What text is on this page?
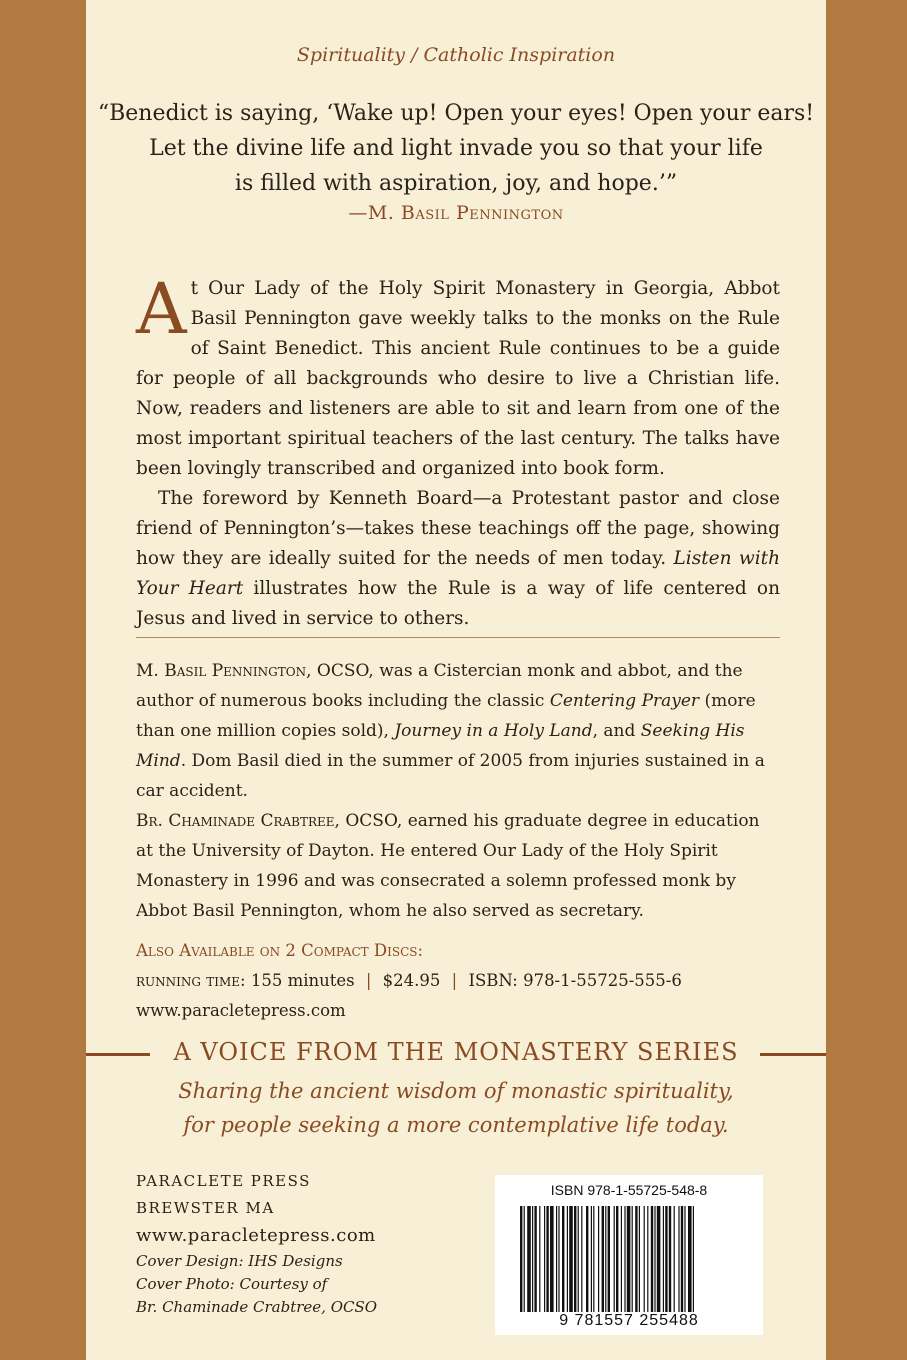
Spirituality / Catholic Inspiration

“Benedict is saying, ‘Wake up! Open your eyes! Open your ears!
Let the divine life and light invade you so that your life
is filled with aspiration, joy, and hope.’”

—M. Basil Pennington

At Our Lady of the Holy Spirit Monastery in Georgia, Abbot Basil Pennington gave weekly talks to the monks on the Rule of Saint Benedict. This ancient Rule continues to be a guide for people of all backgrounds who desire to live a Christian life. Now, readers and listeners are able to sit and learn from one of the most important spiritual teachers of the last century. The talks have been lovingly transcribed and organized into book form.

The foreword by Kenneth Board—a Protestant pastor and close friend of Pennington’s—takes these teachings off the page, showing how they are ideally suited for the needs of men today. Listen with Your Heart illustrates how the Rule is a way of life centered on Jesus and lived in service to others.

M. Basil Pennington, OCSO, was a Cistercian monk and abbot, and the author of numerous books including the classic Centering Prayer (more than one million copies sold), Journey in a Holy Land, and Seeking His Mind. Dom Basil died in the summer of 2005 from injuries sustained in a car accident.

Br. Chaminade Crabtree, OCSO, earned his graduate degree in education at the University of Dayton. He entered Our Lady of the Holy Spirit Monastery in 1996 and was consecrated a solemn professed monk by Abbot Basil Pennington, whom he also served as secretary.

Also Available on 2 Compact Discs:
running time: 155 minutes | $24.95 | ISBN: 978-1-55725-555-6
www.paracletepress.com

A VOICE FROM THE MONASTERY SERIES

Sharing the ancient wisdom of monastic spirituality,
for people seeking a more contemplative life today.
PARACLETE PRESS
BREWSTER MA
www.paracletepress.com
Cover Design: IHS Designs
Cover Photo: Courtesy of
Br. Chaminade Crabtree, OCSO

ISBN 978-1-55725-548-8

9 781557 255488
